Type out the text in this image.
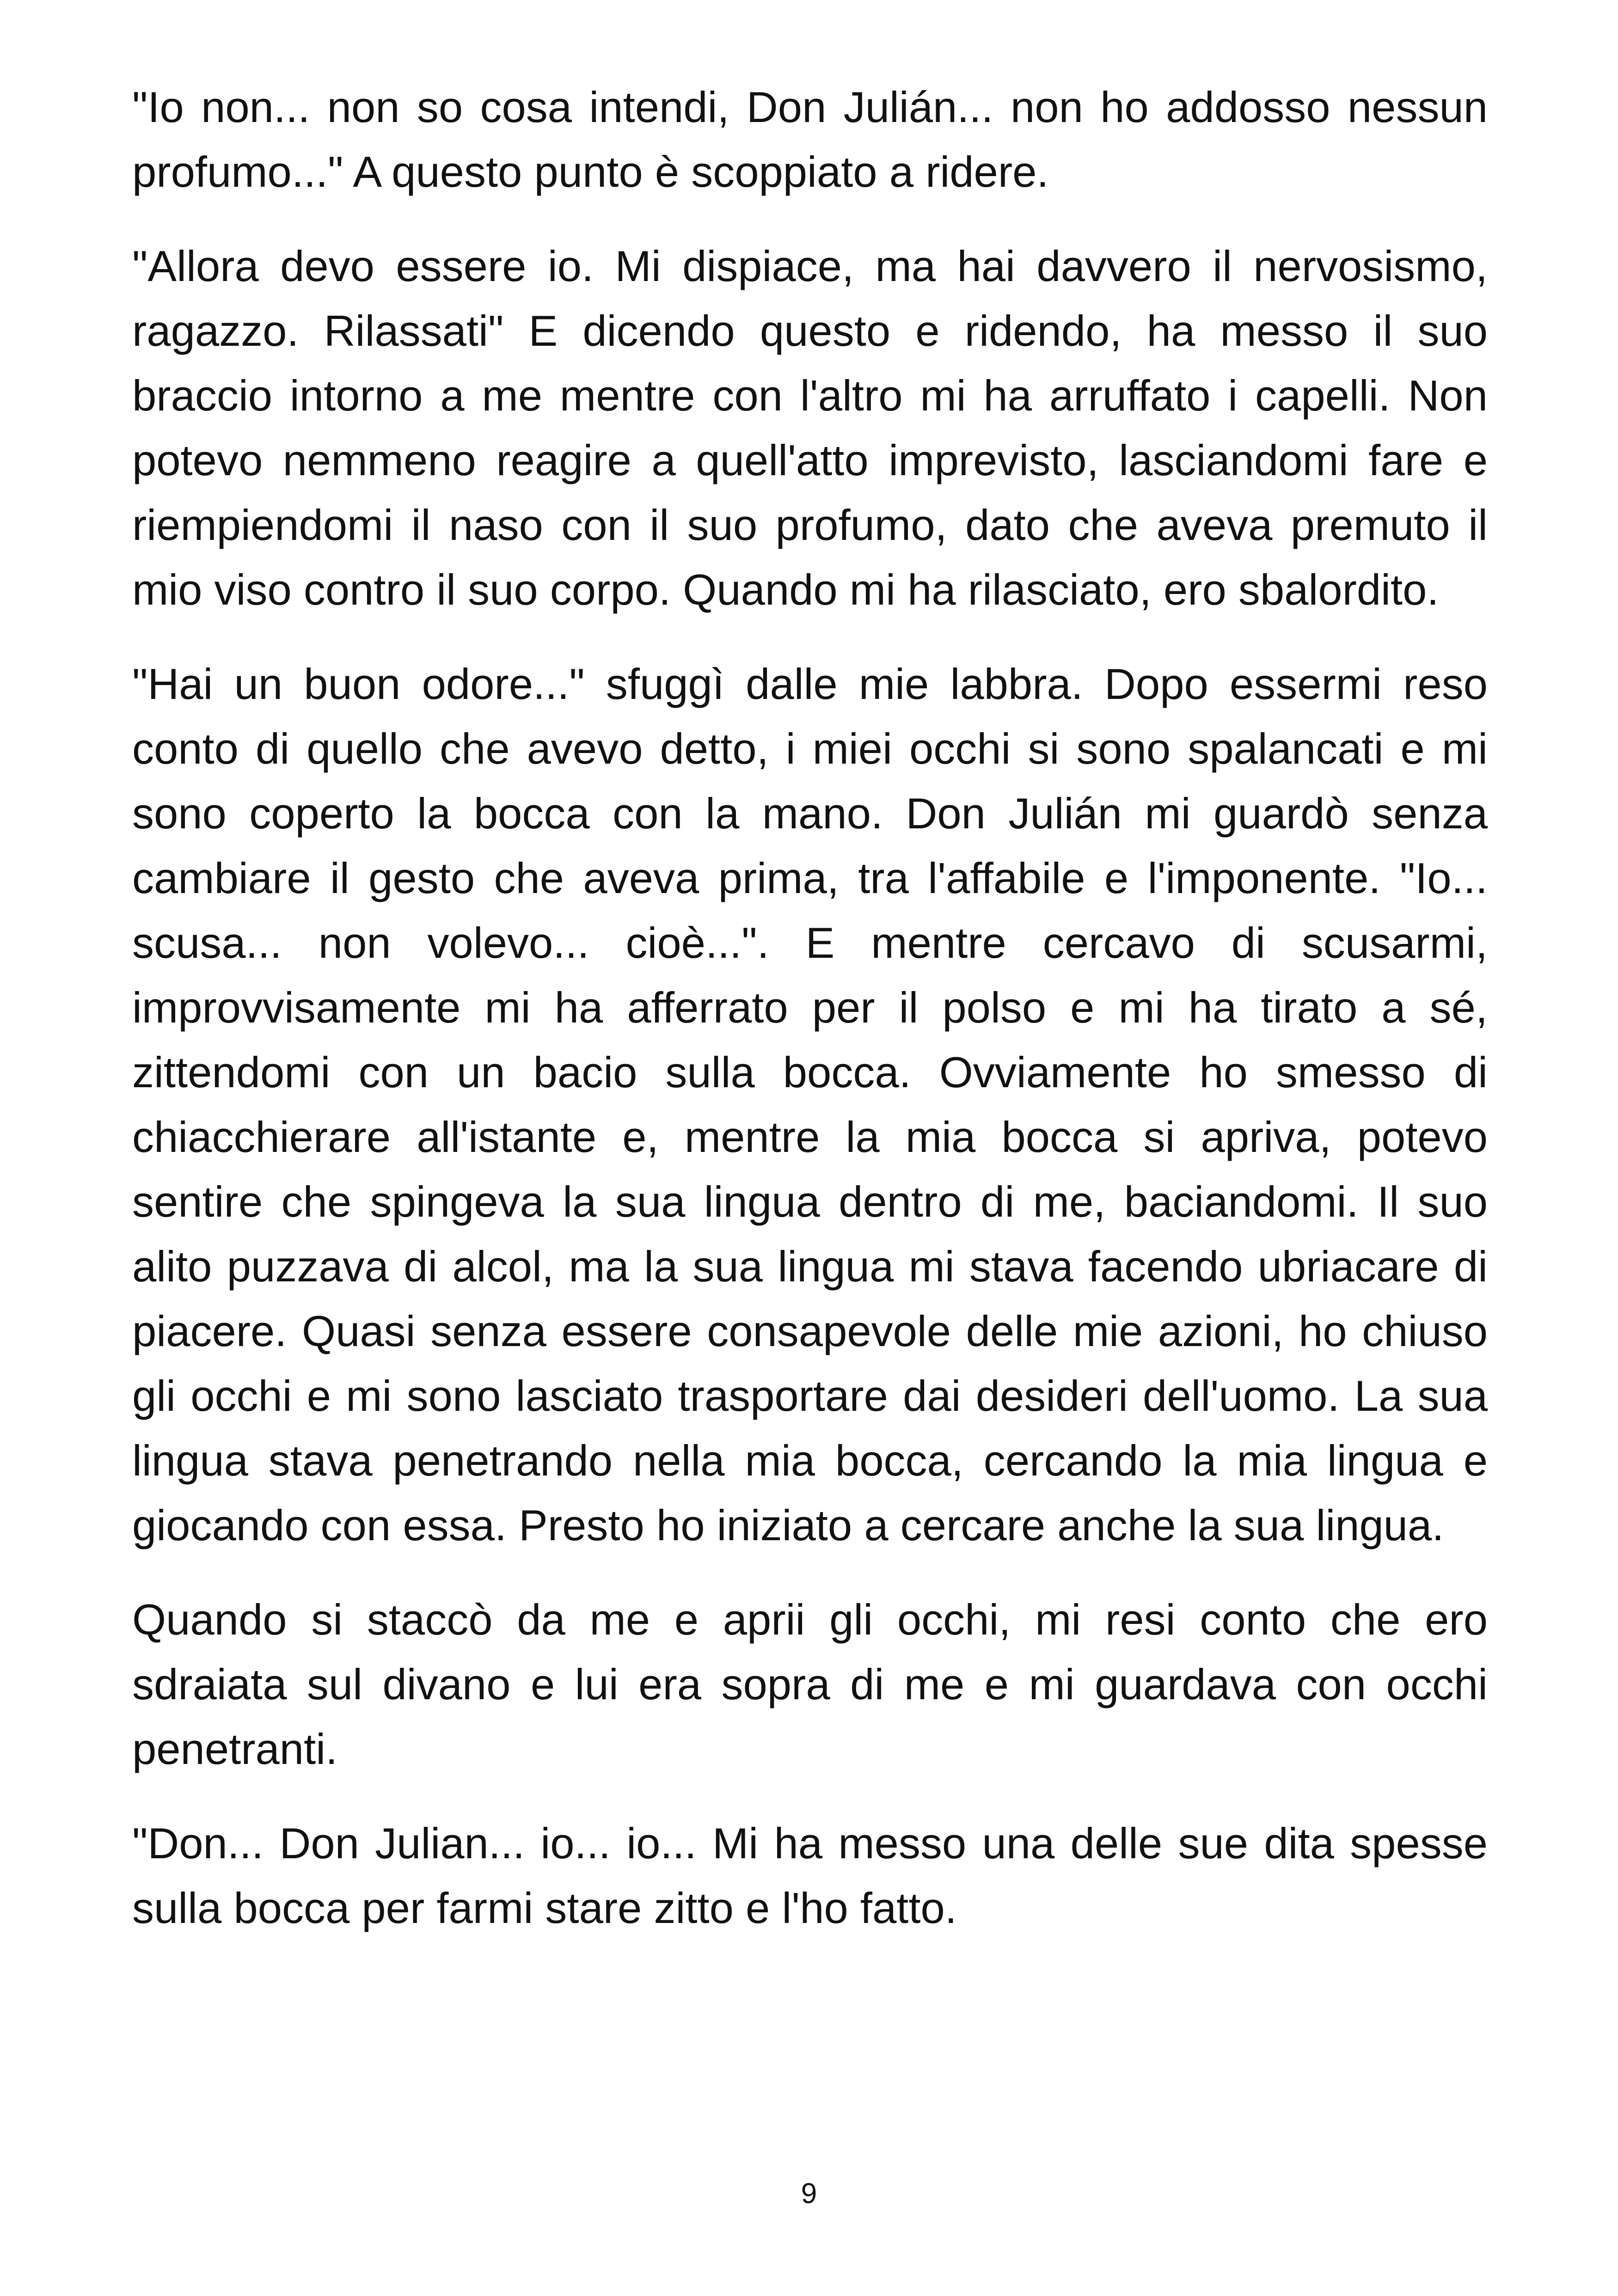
"Io non... non so cosa intendi, Don Julián... non ho addosso nessun profumo..." A questo punto è scoppiato a ridere.

"Allora devo essere io. Mi dispiace, ma hai davvero il nervosismo, ragazzo. Rilassati" E dicendo questo e ridendo, ha messo il suo braccio intorno a me mentre con l'altro mi ha arruffato i capelli. Non potevo nemmeno reagire a quell'atto imprevisto, lasciandomi fare e riempiendomi il naso con il suo profumo, dato che aveva premuto il mio viso contro il suo corpo. Quando mi ha rilasciato, ero sbalordito.

"Hai un buon odore..." sfuggì dalle mie labbra. Dopo essermi reso conto di quello che avevo detto, i miei occhi si sono spalancati e mi sono coperto la bocca con la mano. Don Julián mi guardò senza cambiare il gesto che aveva prima, tra l'affabile e l'imponente. "Io... scusa... non volevo... cioè...". E mentre cercavo di scusarmi, improvvisamente mi ha afferrato per il polso e mi ha tirato a sé, zittendomi con un bacio sulla bocca. Ovviamente ho smesso di chiacchierare all'istante e, mentre la mia bocca si apriva, potevo sentire che spingeva la sua lingua dentro di me, baciandomi. Il suo alito puzzava di alcol, ma la sua lingua mi stava facendo ubriacare di piacere. Quasi senza essere consapevole delle mie azioni, ho chiuso gli occhi e mi sono lasciato trasportare dai desideri dell'uomo. La sua lingua stava penetrando nella mia bocca, cercando la mia lingua e giocando con essa. Presto ho iniziato a cercare anche la sua lingua.

Quando si staccò da me e aprii gli occhi, mi resi conto che ero sdraiata sul divano e lui era sopra di me e mi guardava con occhi penetranti.

"Don... Don Julian... io... io... Mi ha messo una delle sue dita spesse sulla bocca per farmi stare zitto e l'ho fatto.

9
